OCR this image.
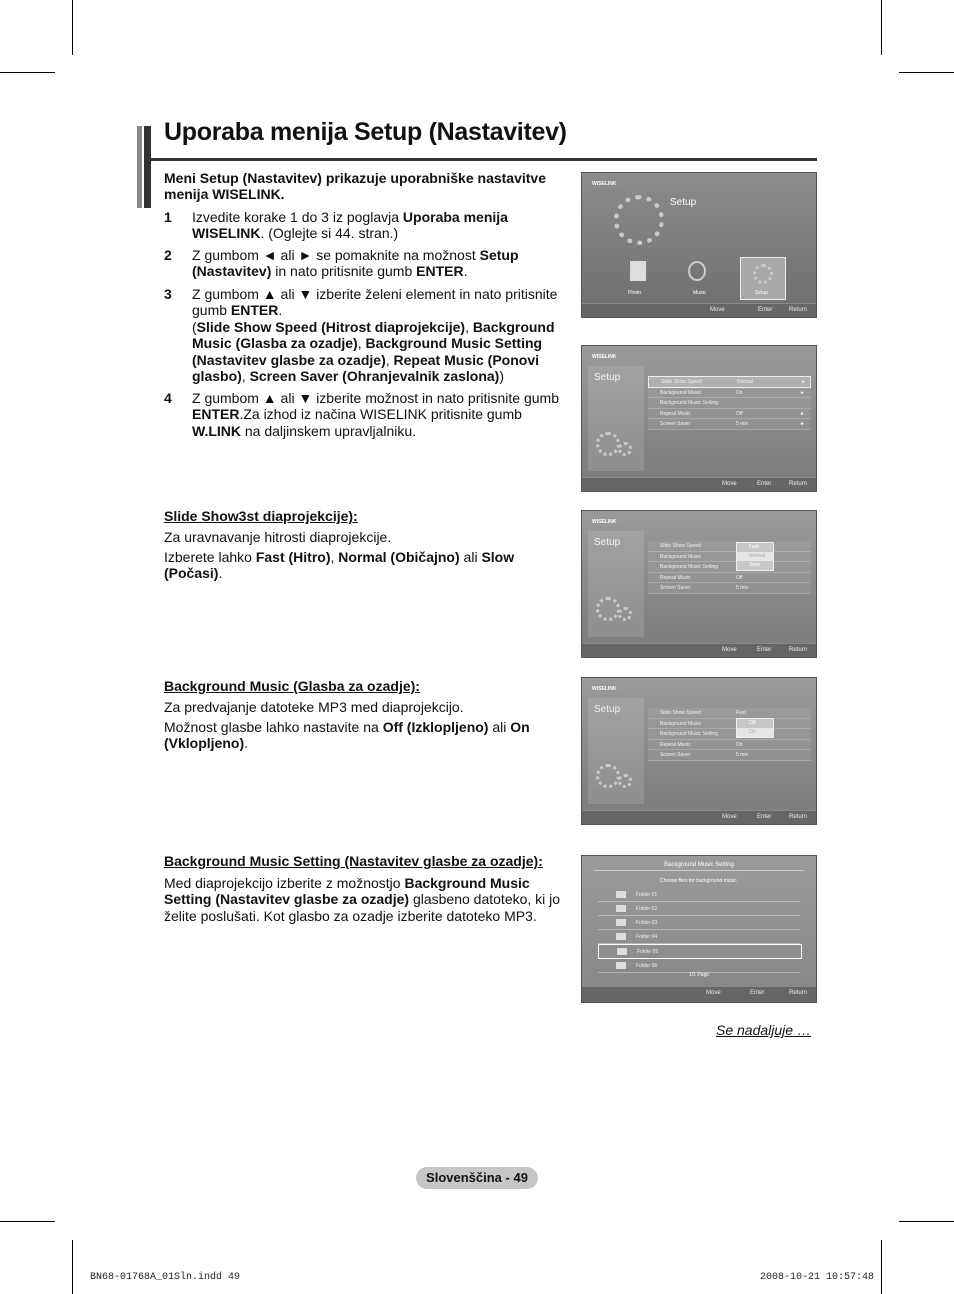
Uporaba menija Setup (Nastavitev)
Meni Setup (Nastavitev) prikazuje uporabniške nastavitve menija WISELINK.
1 Izvedite korake 1 do 3 iz poglavja Uporaba menija WISELINK. (Oglejte si 44. stran.)
2 Z gumbom ◄ ali ► se pomaknite na možnost Setup (Nastavitev) in nato pritisnite gumb ENTER.
3 Z gumbom ▲ ali ▼ izberite želeni element in nato pritisnite gumb ENTER.
(Slide Show Speed (Hitrost diaprojekcije), Background Music (Glasba za ozadje), Background Music Setting (Nastavitev glasbe za ozadje), Repeat Music (Ponovi glasbo), Screen Saver (Ohranjevalnik zaslona))
4 Z gumbom ▲ ali ▼ izberite možnost in nato pritisnite gumb ENTER.Za izhod iz načina WISELINK pritisnite gumb W.LINK na daljinskem upravljalniku.
Slide Show3st diaprojekcije):
Za uravnavanje hitrosti diaprojekcije.
Izberete lahko Fast (Hitro), Normal (Običajno) ali Slow (Počasi).
Background Music (Glasba za ozadje):
Za predvajanje datoteke MP3 med diaprojekcijo.
Možnost glasbe lahko nastavite na Off (Izklopljeno) ali On (Vklopljeno).
Background Music Setting (Nastavitev glasbe za ozadje):
Med diaprojekcijo izberite z možnostjo Background Music Setting (Nastavitev glasbe za ozadje) glasbeno datoteko, ki jo želite poslušati. Kot glasbo za ozadje izberite datoteko MP3.
WISELINK
Setup
Photo	Music	Setup
Move	Enter	Return
WISELINK
Setup	Slide Show Speed	Normal	►
Background Music	On	►
Background Music Setting
Repeat Music	Off	►
Screen Saver	5 min	►
Move	Enter	Return
WISELINK
Setup	Slide Show Speed
Background Music
Background Music Setting
Repeat Music	Off
Screen Saver	5 min
Fast
Normal
Slow
Move	Enter	Return
WISELINK
Setup	Slide Show Speed	Fast
Background Music
Background Music Setting
Repeat Music	On
Screen Saver	5 min
Off
On
Move	Enter	Return
Background Music Setting
Choose files for background music.
Folder 01
Folder 02
Folder 03
Folder 04
Folder 05
Folder 06
1/1 Page
Move	Enter	Return
Se nadaljuje …
Slovenščina - 49
BN68-01768A_01Sln.indd 49	2008-10-21 10:57:48
